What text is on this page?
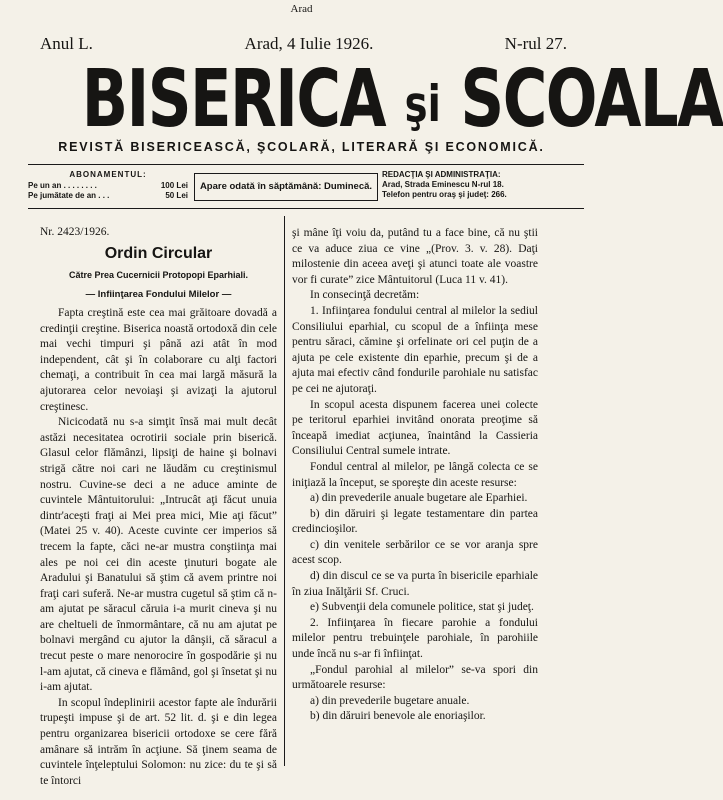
Arad
Anul L.	Arad, 4 Iulie 1926.	N-rul 27.
BISERICA şi SCOALA
REVISTĂ BISERICEASCĂ, ŞCOLARĂ, LITERARĂ ŞI ECONOMICĂ.
ABONAMENTUL:
Pe un an . . . . . . . .	100 Lei
Pe jumătate de an . . .	50 Lei
Apare odată în săptămână: Duminecă.
REDACŢIA ŞI ADMINISTRAŢIA:
Arad, Strada Eminescu N-rul 18.
Telefon pentru oraş şi judeţ: 266.
Nr. 2423/1926.
Ordin Circular
Către Prea Cucernicii Protopopi Eparhiali.
— Infiinţarea Fondului Milelor —

Fapta creştină este cea mai grăitoare dovadă a credinţii creştine. Biserica noastă ortodoxă din cele mai vechi timpuri şi până azi atât în mod independent, cât şi în colaborare cu alţi factori chemaţi, a contribuit în cea mai largă măsură la ajutorarea celor nevoiaşi şi avizaţi la ajutorul creştinesc.

Nicicodată nu s-a simţit însă mai mult decât astăzi necesitatea ocrotirii sociale prin biserică. Glasul celor flămânzi, lipsiţi de haine şi bolnavi strigă către noi cari ne lăudăm cu creştinismul nostru. Cuvine-se deci a ne aduce aminte de cuvintele Mântuitorului: „Intrucât aţi făcut unuia dintr'aceşti fraţi ai Mei prea mici, Mie aţi făcut” (Matei 25 v. 40). Aceste cuvinte cer imperios să trecem la fapte, căci ne-ar mustra conştiinţa mai ales pe noi cei din aceste ţinuturi bogate ale Aradului şi Banatului să ştim că avem printre noi fraţi cari suferă. Ne-ar mustra cugetul să ştim că n-am ajutat pe săracul căruia i-a murit cineva şi nu are cheltueli de înmormântare, că nu am ajutat pe bolnavi mergând cu ajutor la dânşii, că săracul a trecut peste o mare nenorocire în gospodărie şi nu l-am ajutat, că cineva e flămând, gol şi însetat şi nu i-am ajutat.

In scopul îndeplinirii acestor fapte ale îndurării trupeşti impuse şi de art. 52 lit. d. şi e din legea pentru organizarea bisericii ortodoxe se cere fără amânare să intrăm în acţiune. Să ţinem seama de cuvintele înţeleptului Solomon: nu zice: du te şi să te întorci

şi mâne îţi voiu da, putând tu a face bine, că nu ştii ce va aduce ziua ce vine „(Prov. 3. v. 28). Daţi milostenie din aceea aveţi şi atunci toate ale voastre vor fi curate” zice Mântuitorul (Luca 11 v. 41).

In consecinţă decretăm:

1. Infiinţarea fondului central al milelor la sediul Consiliului eparhial, cu scopul de a înfiinţa mese pentru săraci, cămine şi orfelinate ori cel puţin de a ajuta pe cele existente din eparhie, precum şi de a ajuta mai efectiv când fondurile parohiale nu satisfac pe cei ne ajutoraţi.

In scopul acesta dispunem facerea unei colecte pe teritorul eparhiei invitând onorata preoţime să înceapă imediat acţiunea, înaintând la Cassieria Consiliului Central sumele intrate.

Fondul central al milelor, pe lângă colecta ce se iniţiază la început, se sporeşte din aceste resurse:

a) din prevederile anuale bugetare ale Eparhiei.

b) din dăruiri şi legate testamentare din partea credincioşilor.

c) din venitele serbărilor ce se vor aranja spre acest scop.

d) din discul ce se va purta în bisericile eparhiale în ziua Inălţării Sf. Cruci.

e) Subvenţii dela comunele politice, stat şi judeţ.

2. Infiinţarea în fiecare parohie a fondului milelor pentru trebuinţele parohiale, în parohiile unde încă nu s-ar fi înfiinţat.

„Fondul parohial al milelor” se-va spori din următoarele resurse:

a) din prevederile bugetare anuale.

b) din dăruiri benevole ale enoriaşilor.
